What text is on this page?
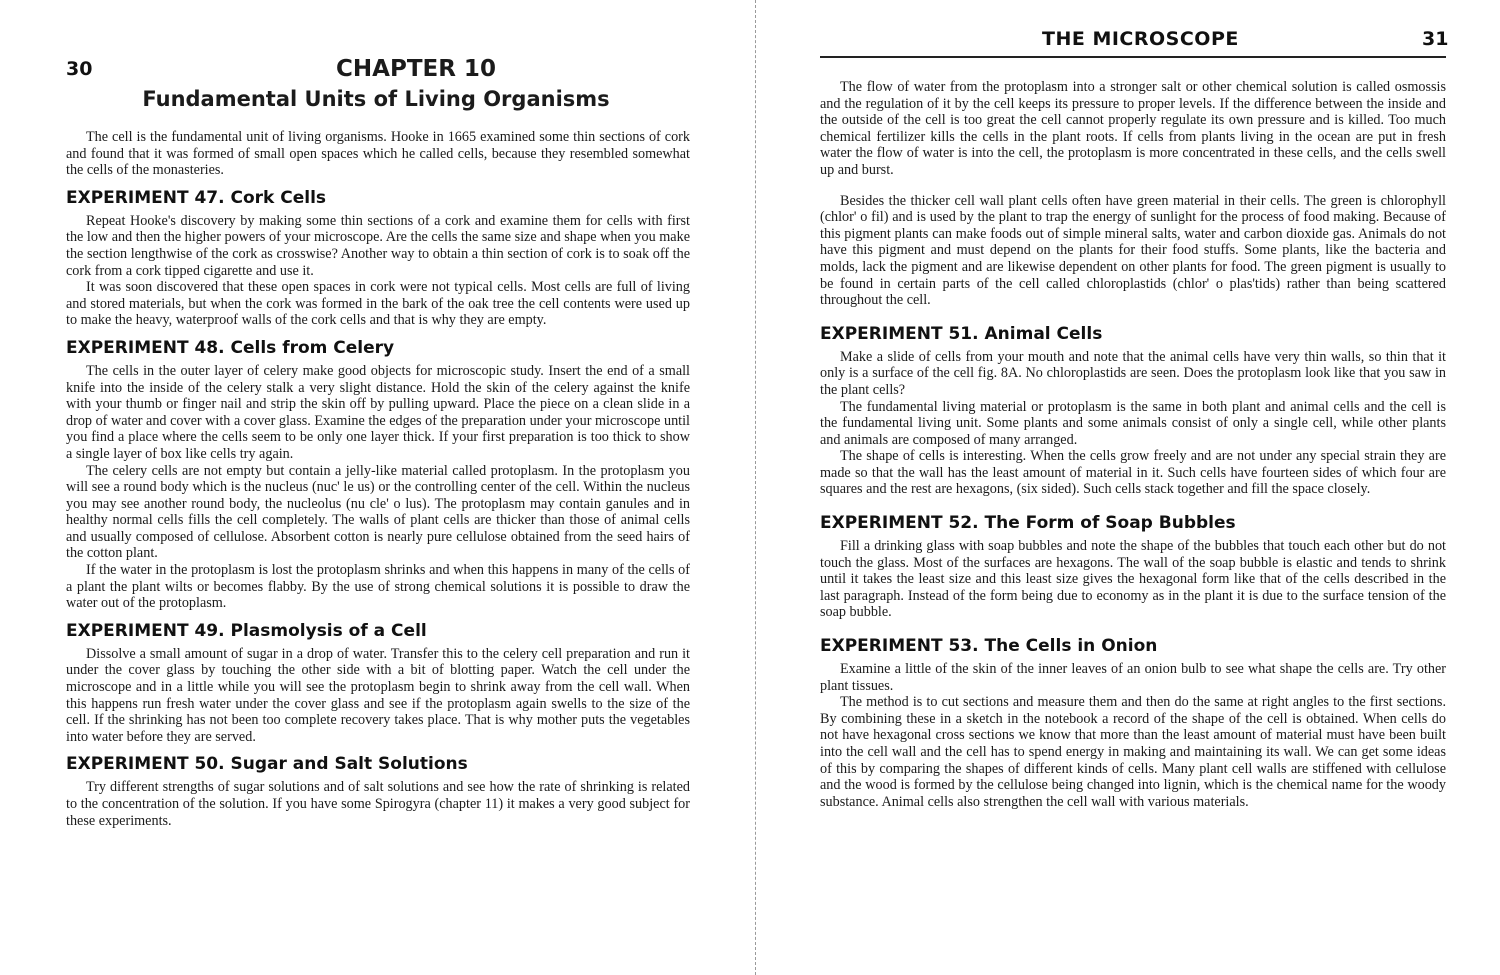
30	CHAPTER 10
Fundamental Units of Living Organisms

The cell is the fundamental unit of living organisms. Hooke in 1665 examined some thin sections of cork and found that it was formed of small open spaces which he called cells, because they resembled somewhat the cells of the monasteries.

EXPERIMENT 47. Cork Cells

Repeat Hooke's discovery by making some thin sections of a cork and examine them for cells with first the low and then the higher powers of your microscope. Are the cells the same size and shape when you make the section lengthwise of the cork as crosswise? Another way to obtain a thin section of cork is to soak off the cork from a cork tipped cigarette and use it.

It was soon discovered that these open spaces in cork were not typical cells. Most cells are full of living and stored materials, but when the cork was formed in the bark of the oak tree the cell contents were used up to make the heavy, waterproof walls of the cork cells and that is why they are empty.

EXPERIMENT 48. Cells from Celery

The cells in the outer layer of celery make good objects for microscopic study. Insert the end of a small knife into the inside of the celery stalk a very slight distance. Hold the skin of the celery against the knife with your thumb or finger nail and strip the skin off by pulling upward. Place the piece on a clean slide in a drop of water and cover with a cover glass. Examine the edges of the preparation under your microscope until you find a place where the cells seem to be only one layer thick. If your first preparation is too thick to show a single layer of box like cells try again.

The celery cells are not empty but contain a jelly-like material called protoplasm. In the protoplasm you will see a round body which is the nucleus (nuc' le us) or the controlling center of the cell. Within the nucleus you may see another round body, the nucleolus (nu cle' o lus). The protoplasm may contain ganules and in healthy normal cells fills the cell completely. The walls of plant cells are thicker than those of animal cells and usually composed of cellulose. Absorbent cotton is nearly pure cellulose obtained from the seed hairs of the cotton plant.

If the water in the protoplasm is lost the protoplasm shrinks and when this happens in many of the cells of a plant the plant wilts or becomes flabby. By the use of strong chemical solutions it is possible to draw the water out of the protoplasm.

EXPERIMENT 49. Plasmolysis of a Cell

Dissolve a small amount of sugar in a drop of water. Transfer this to the celery cell preparation and run it under the cover glass by touching the other side with a bit of blotting paper. Watch the cell under the microscope and in a little while you will see the protoplasm begin to shrink away from the cell wall. When this happens run fresh water under the cover glass and see if the protoplasm again swells to the size of the cell. If the shrinking has not been too complete recovery takes place. That is why mother puts the vegetables into water before they are served.

EXPERIMENT 50. Sugar and Salt Solutions

Try different strengths of sugar solutions and of salt solutions and see how the rate of shrinking is related to the concentration of the solution. If you have some Spirogyra (chapter 11) it makes a very good subject for these experiments.

THE MICROSCOPE	31

The flow of water from the protoplasm into a stronger salt or other chemical solution is called osmossis and the regulation of it by the cell keeps its pressure to proper levels. If the difference between the inside and the outside of the cell is too great the cell cannot properly regulate its own pressure and is killed. Too much chemical fertilizer kills the cells in the plant roots. If cells from plants living in the ocean are put in fresh water the flow of water is into the cell, the protoplasm is more concentrated in these cells, and the cells swell up and burst.

Besides the thicker cell wall plant cells often have green material in their cells. The green is chlorophyll (chlor' o fil) and is used by the plant to trap the energy of sunlight for the process of food making. Because of this pigment plants can make foods out of simple mineral salts, water and carbon dioxide gas. Animals do not have this pigment and must depend on the plants for their food stuffs. Some plants, like the bacteria and molds, lack the pigment and are likewise dependent on other plants for food. The green pigment is usually to be found in certain parts of the cell called chloroplastids (chlor' o plas'tids) rather than being scattered throughout the cell.

EXPERIMENT 51. Animal Cells

Make a slide of cells from your mouth and note that the animal cells have very thin walls, so thin that it only is a surface of the cell fig. 8A. No chloroplastids are seen. Does the protoplasm look like that you saw in the plant cells?

The fundamental living material or protoplasm is the same in both plant and animal cells and the cell is the fundamental living unit. Some plants and some animals consist of only a single cell, while other plants and animals are composed of many arranged.

The shape of cells is interesting. When the cells grow freely and are not under any special strain they are made so that the wall has the least amount of material in it. Such cells have fourteen sides of which four are squares and the rest are hexagons, (six sided). Such cells stack together and fill the space closely.

EXPERIMENT 52. The Form of Soap Bubbles

Fill a drinking glass with soap bubbles and note the shape of the bubbles that touch each other but do not touch the glass. Most of the surfaces are hexagons. The wall of the soap bubble is elastic and tends to shrink until it takes the least size and this least size gives the hexagonal form like that of the cells described in the last paragraph. Instead of the form being due to economy as in the plant it is due to the surface tension of the soap bubble.

EXPERIMENT 53. The Cells in Onion

Examine a little of the skin of the inner leaves of an onion bulb to see what shape the cells are. Try other plant tissues.

The method is to cut sections and measure them and then do the same at right angles to the first sections. By combining these in a sketch in the notebook a record of the shape of the cell is obtained. When cells do not have hexagonal cross sections we know that more than the least amount of material must have been built into the cell wall and the cell has to spend energy in making and maintaining its wall. We can get some ideas of this by comparing the shapes of different kinds of cells. Many plant cell walls are stiffened with cellulose and the wood is formed by the cellulose being changed into lignin, which is the chemical name for the woody substance. Animal cells also strengthen the cell wall with various materials.
